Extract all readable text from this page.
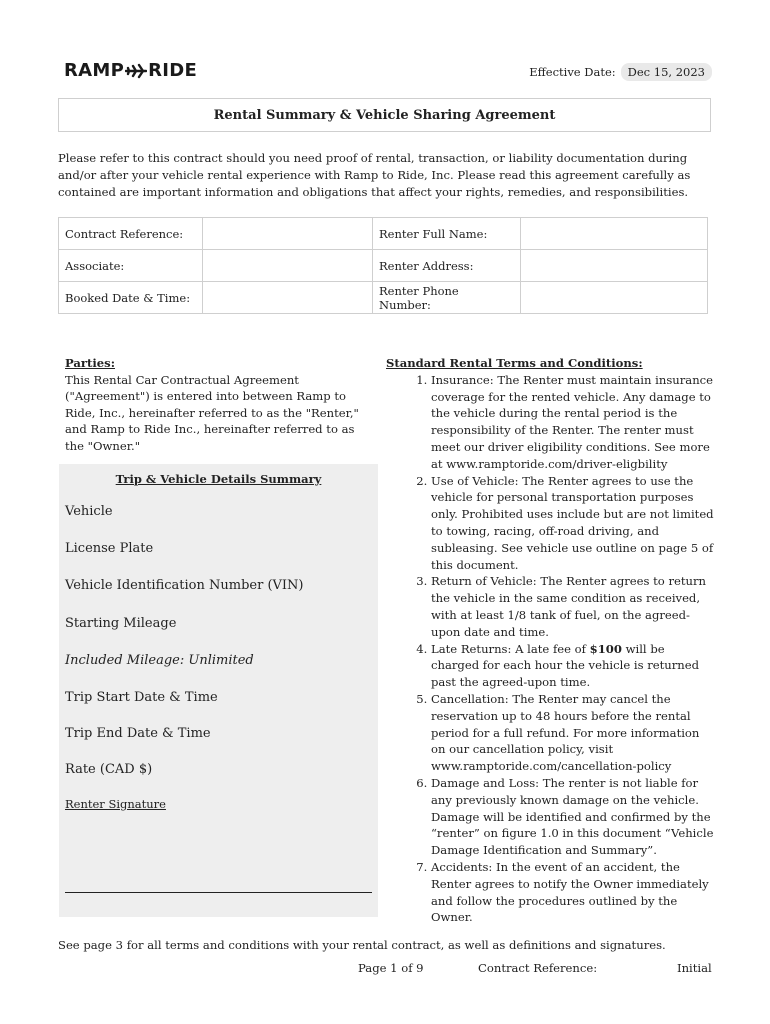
RAMP RIDE	Effective Date:	Dec 15, 2023
Rental Summary & Vehicle Sharing Agreement

Please refer to this contract should you need proof of rental, transaction, or liability documentation during and/or after your vehicle rental experience with Ramp to Ride, Inc. Please read this agreement carefully as contained are important information and obligations that affect your rights, remedies, and responsibilities.

Contract Reference:		Renter Full Name:	
Associate:		Renter Address:	
Booked Date & Time:		Renter Phone Number:	
Parties:
This Rental Car Contractual Agreement ("Agreement") is entered into between Ramp to Ride, Inc., hereinafter referred to as the "Renter," and Ramp to Ride Inc., hereinafter referred to as the "Owner."
Trip & Vehicle Details Summary
Vehicle
License Plate
Vehicle Identification Number (VIN)
Starting Mileage
Included Mileage: Unlimited
Trip Start Date & Time
Trip End Date & Time
Rate (CAD $)
Renter Signature
Standard Rental Terms and Conditions:
1. Insurance: The Renter must maintain insurance coverage for the rented vehicle. Any damage to the vehicle during the rental period is the responsibility of the Renter. The renter must meet our driver eligibility conditions. See more at www.ramptoride.com/driver-eligbility
2. Use of Vehicle: The Renter agrees to use the vehicle for personal transportation purposes only. Prohibited uses include but are not limited to towing, racing, off-road driving, and subleasing. See vehicle use outline on page 5 of this document.
3. Return of Vehicle: The Renter agrees to return the vehicle in the same condition as received, with at least 1/8 tank of fuel, on the agreed-upon date and time.
4. Late Returns: A late fee of $100 will be charged for each hour the vehicle is returned past the agreed-upon time.
5. Cancellation: The Renter may cancel the reservation up to 48 hours before the rental period for a full refund. For more information on our cancellation policy, visit www.ramptoride.com/cancellation-policy
6. Damage and Loss: The renter is not liable for any previously known damage on the vehicle. Damage will be identified and confirmed by the “renter” on figure 1.0 in this document “Vehicle Damage Identification and Summary”.
7. Accidents: In the event of an accident, the Renter agrees to notify the Owner immediately and follow the procedures outlined by the Owner.
See page 3 for all terms and conditions with your rental contract, as well as definitions and signatures.
Page 1 of 9	Contract Reference:	Initial
